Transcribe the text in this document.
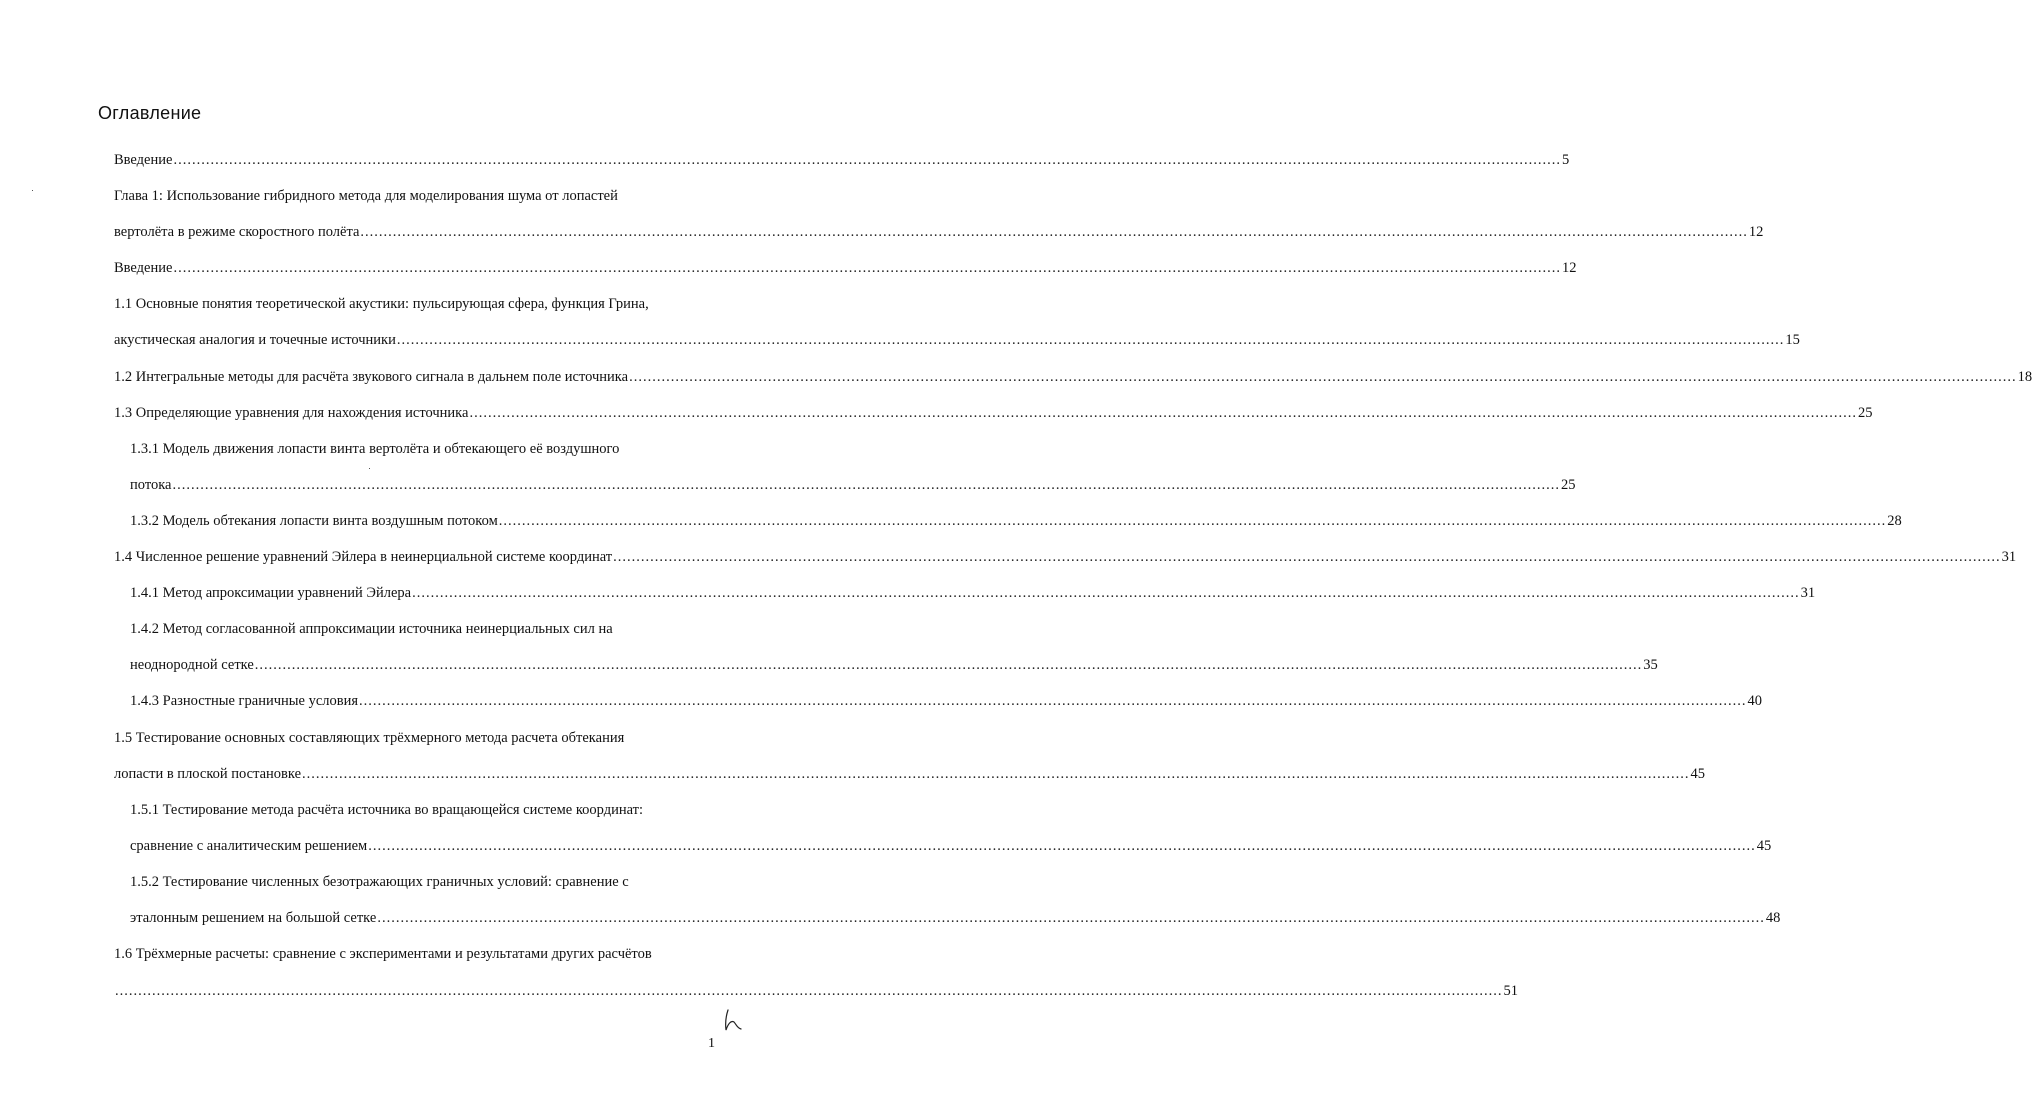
Оглавление
Введение ............................................................................................................................................................................................................................................................................................................ 5
Глава 1: Использование гибридного метода для моделирования шума от лопастей
вертолёта в режиме скоростного полёта ............................................................................................................................................................................................................................................................................................................ 12
Введение ............................................................................................................................................................................................................................................................................................................ 12
1.1 Основные понятия теоретической акустики: пульсирующая сфера, функция Грина,
акустическая аналогия и точечные источники ............................................................................................................................................................................................................................................................................................................ 15
1.2 Интегральные методы для расчёта звукового сигнала в дальнем поле источника ............................................................................................................................................................................................................................................................................................................ 18
1.3 Определяющие уравнения для нахождения источника ............................................................................................................................................................................................................................................................................................................ 25
1.3.1 Модель движения лопасти винта вертолёта и обтекающего её воздушного
потока ............................................................................................................................................................................................................................................................................................................ 25
1.3.2 Модель обтекания лопасти винта воздушным потоком ............................................................................................................................................................................................................................................................................................................ 28
1.4 Численное решение уравнений Эйлера в неинерциальной системе координат ............................................................................................................................................................................................................................................................................................................ 31
1.4.1 Метод апроксимации уравнений Эйлера ............................................................................................................................................................................................................................................................................................................ 31
1.4.2 Метод согласованной аппроксимации источника неинерциальных сил на
неоднородной сетке ............................................................................................................................................................................................................................................................................................................ 35
1.4.3 Разностные граничные условия ............................................................................................................................................................................................................................................................................................................ 40
1.5 Тестирование основных составляющих трёхмерного метода расчета обтекания
лопасти в плоской постановке ............................................................................................................................................................................................................................................................................................................ 45
1.5.1 Тестирование метода расчёта источника во вращающейся системе координат:
сравнение с аналитическим решением ............................................................................................................................................................................................................................................................................................................ 45
1.5.2 Тестирование численных безотражающих граничных условий: сравнение с
эталонным решением на большой сетке ............................................................................................................................................................................................................................................................................................................ 48
1.6 Трёхмерные расчеты: сравнение с экспериментами и результатами других расчётов
............................................................................................................................................................................................................................................................................................................ 51
1
